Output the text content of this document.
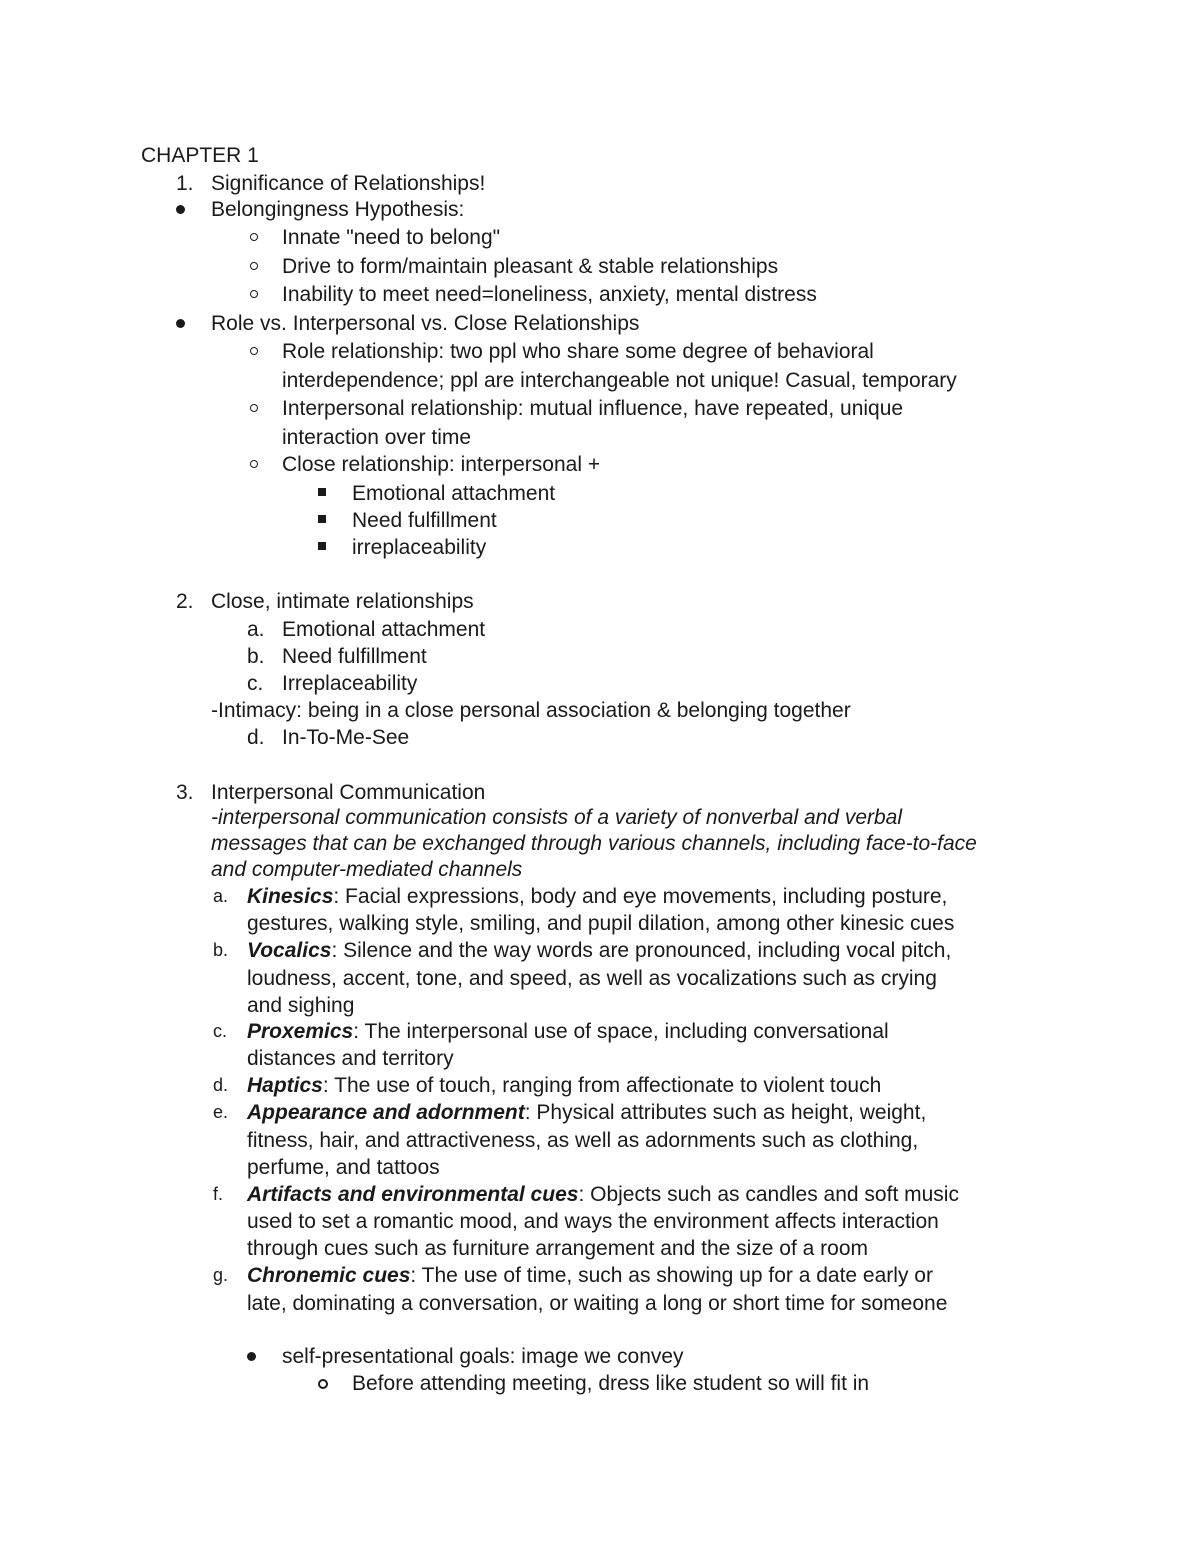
CHAPTER 1
1. Significance of Relationships!
Belongingness Hypothesis:
Innate "need to belong"
Drive to form/maintain pleasant & stable relationships
Inability to meet need=loneliness, anxiety, mental distress
Role vs. Interpersonal vs. Close Relationships
Role relationship: two ppl who share some degree of behavioral
interdependence; ppl are interchangeable not unique! Casual, temporary
Interpersonal relationship: mutual influence, have repeated, unique
interaction over time
Close relationship: interpersonal +
Emotional attachment
Need fulfillment
irreplaceability
2. Close, intimate relationships
a. Emotional attachment
b. Need fulfillment
c. Irreplaceability
-Intimacy: being in a close personal association & belonging together
d. In-To-Me-See
3. Interpersonal Communication
-interpersonal communication consists of a variety of nonverbal and verbal
messages that can be exchanged through various channels, including face-to-face
and computer-mediated channels
a. Kinesics: Facial expressions, body and eye movements, including posture,
gestures, walking style, smiling, and pupil dilation, among other kinesic cues
b. Vocalics: Silence and the way words are pronounced, including vocal pitch,
loudness, accent, tone, and speed, as well as vocalizations such as crying
and sighing
c. Proxemics: The interpersonal use of space, including conversational
distances and territory
d. Haptics: The use of touch, ranging from affectionate to violent touch
e. Appearance and adornment: Physical attributes such as height, weight,
fitness, hair, and attractiveness, as well as adornments such as clothing,
perfume, and tattoos
f. Artifacts and environmental cues: Objects such as candles and soft music
used to set a romantic mood, and ways the environment affects interaction
through cues such as furniture arrangement and the size of a room
g. Chronemic cues: The use of time, such as showing up for a date early or
late, dominating a conversation, or waiting a long or short time for someone
self-presentational goals: image we convey
Before attending meeting, dress like student so will fit in
